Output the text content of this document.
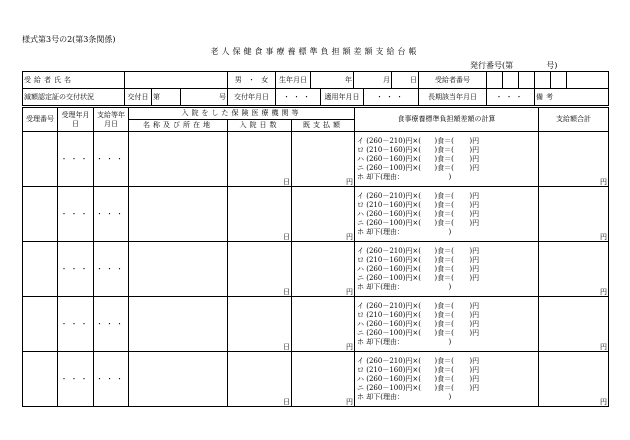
様式第3号の2(第3条関係)
老人保健食事療養標準負担額差額支給台帳
発行番号(第	号)
受給者氏名				男 ・ 女	生年月日	年		月		日	受給者番号						
減額認定証の交付状況	交付日	第	号	交付年月日	・・・		適用年月日		・・・		長期該当年月日	・・・			備考		
受理番号	受理年月日	支給等年月日	入院をした保険医療機関等			食事療養標準負担額差額の計算	支給額合計
			名称及び所在地	入院日数	既支払額		
	・・・	・・・		日	円	イ (260－210)円×(      )食＝(       )円
ロ (210－160)円×(      )食＝(       )円
ハ (260－160)円×(      )食＝(       )円
ニ (260－100)円×(      )食＝(       )円
ホ 却下(理由：                    )	円
	・・・	・・・		日	円	イ (260－210)円×(      )食＝(       )円
ロ (210－160)円×(      )食＝(       )円
ハ (260－160)円×(      )食＝(       )円
ニ (260－100)円×(      )食＝(       )円
ホ 却下(理由：                    )	円
	・・・	・・・		日	円	イ (260－210)円×(      )食＝(       )円
ロ (210－160)円×(      )食＝(       )円
ハ (260－160)円×(      )食＝(       )円
ニ (260－100)円×(      )食＝(       )円
ホ 却下(理由：                    )	円
	・・・	・・・		日	円	イ (260－210)円×(      )食＝(       )円
ロ (210－160)円×(      )食＝(       )円
ハ (260－160)円×(      )食＝(       )円
ニ (260－100)円×(      )食＝(       )円
ホ 却下(理由：                    )	円
	・・・	・・・		日	円	イ (260－210)円×(      )食＝(       )円
ロ (210－160)円×(      )食＝(       )円
ハ (260－160)円×(      )食＝(       )円
ニ (260－100)円×(      )食＝(       )円
ホ 却下(理由：                    )	円
